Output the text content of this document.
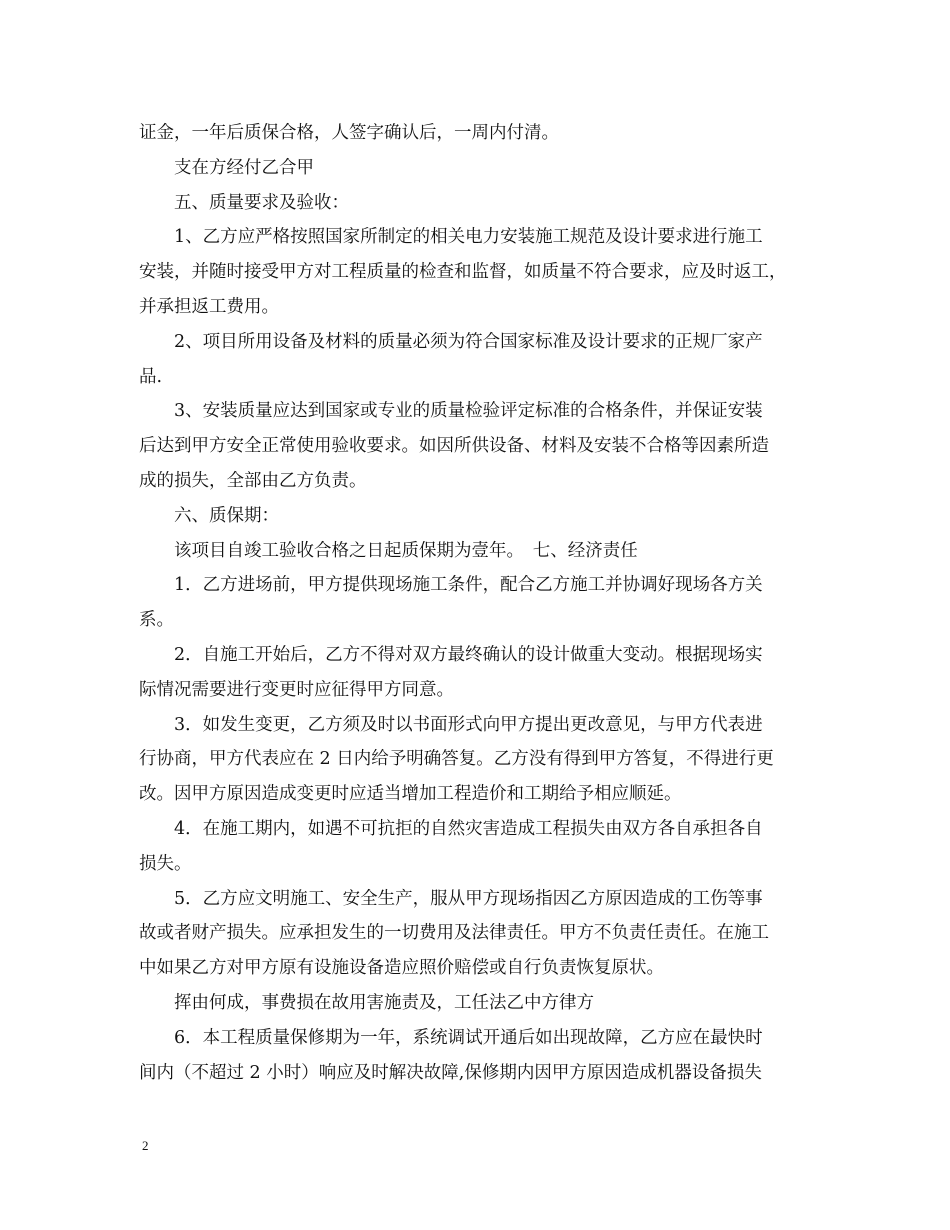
证金，一年后质保合格，人签字确认后，一周内付清。
支在方经付乙合甲
五、质量要求及验收：
1、乙方应严格按照国家所制定的相关电力安装施工规范及设计要求进行施工
安装，并随时接受甲方对工程质量的检查和监督，如质量不符合要求，应及时返工，
并承担返工费用。
2、项目所用设备及材料的质量必须为符合国家标准及设计要求的正规厂家产
品.
3、安装质量应达到国家或专业的质量检验评定标准的合格条件，并保证安装
后达到甲方安全正常使用验收要求。如因所供设备、材料及安装不合格等因素所造
成的损失，全部由乙方负责。
六、质保期：
该项目自竣工验收合格之日起质保期为壹年。　七、经济责任
1．乙方进场前，甲方提供现场施工条件，配合乙方施工并协调好现场各方关
系。
2．自施工开始后，乙方不得对双方最终确认的设计做重大变动。根据现场实
际情况需要进行变更时应征得甲方同意。
3．如发生变更，乙方须及时以书面形式向甲方提出更改意见，与甲方代表进
行协商，甲方代表应在 2 日内给予明确答复。乙方没有得到甲方答复，不得进行更
改。因甲方原因造成变更时应适当增加工程造价和工期给予相应顺延。
4．在施工期内，如遇不可抗拒的自然灾害造成工程损失由双方各自承担各自
损失。
5．乙方应文明施工、安全生产，服从甲方现场指因乙方原因造成的工伤等事
故或者财产损失。应承担发生的一切费用及法律责任。甲方不负责任责任。在施工
中如果乙方对甲方原有设施设备造应照价赔偿或自行负责恢复原状。
挥由何成，事费损在故用害施责及，工任法乙中方律方
6．本工程质量保修期为一年，系统调试开通后如出现故障，乙方应在最快时
间内（不超过 2 小时）响应及时解决故障,保修期内因甲方原因造成机器设备损失
2
